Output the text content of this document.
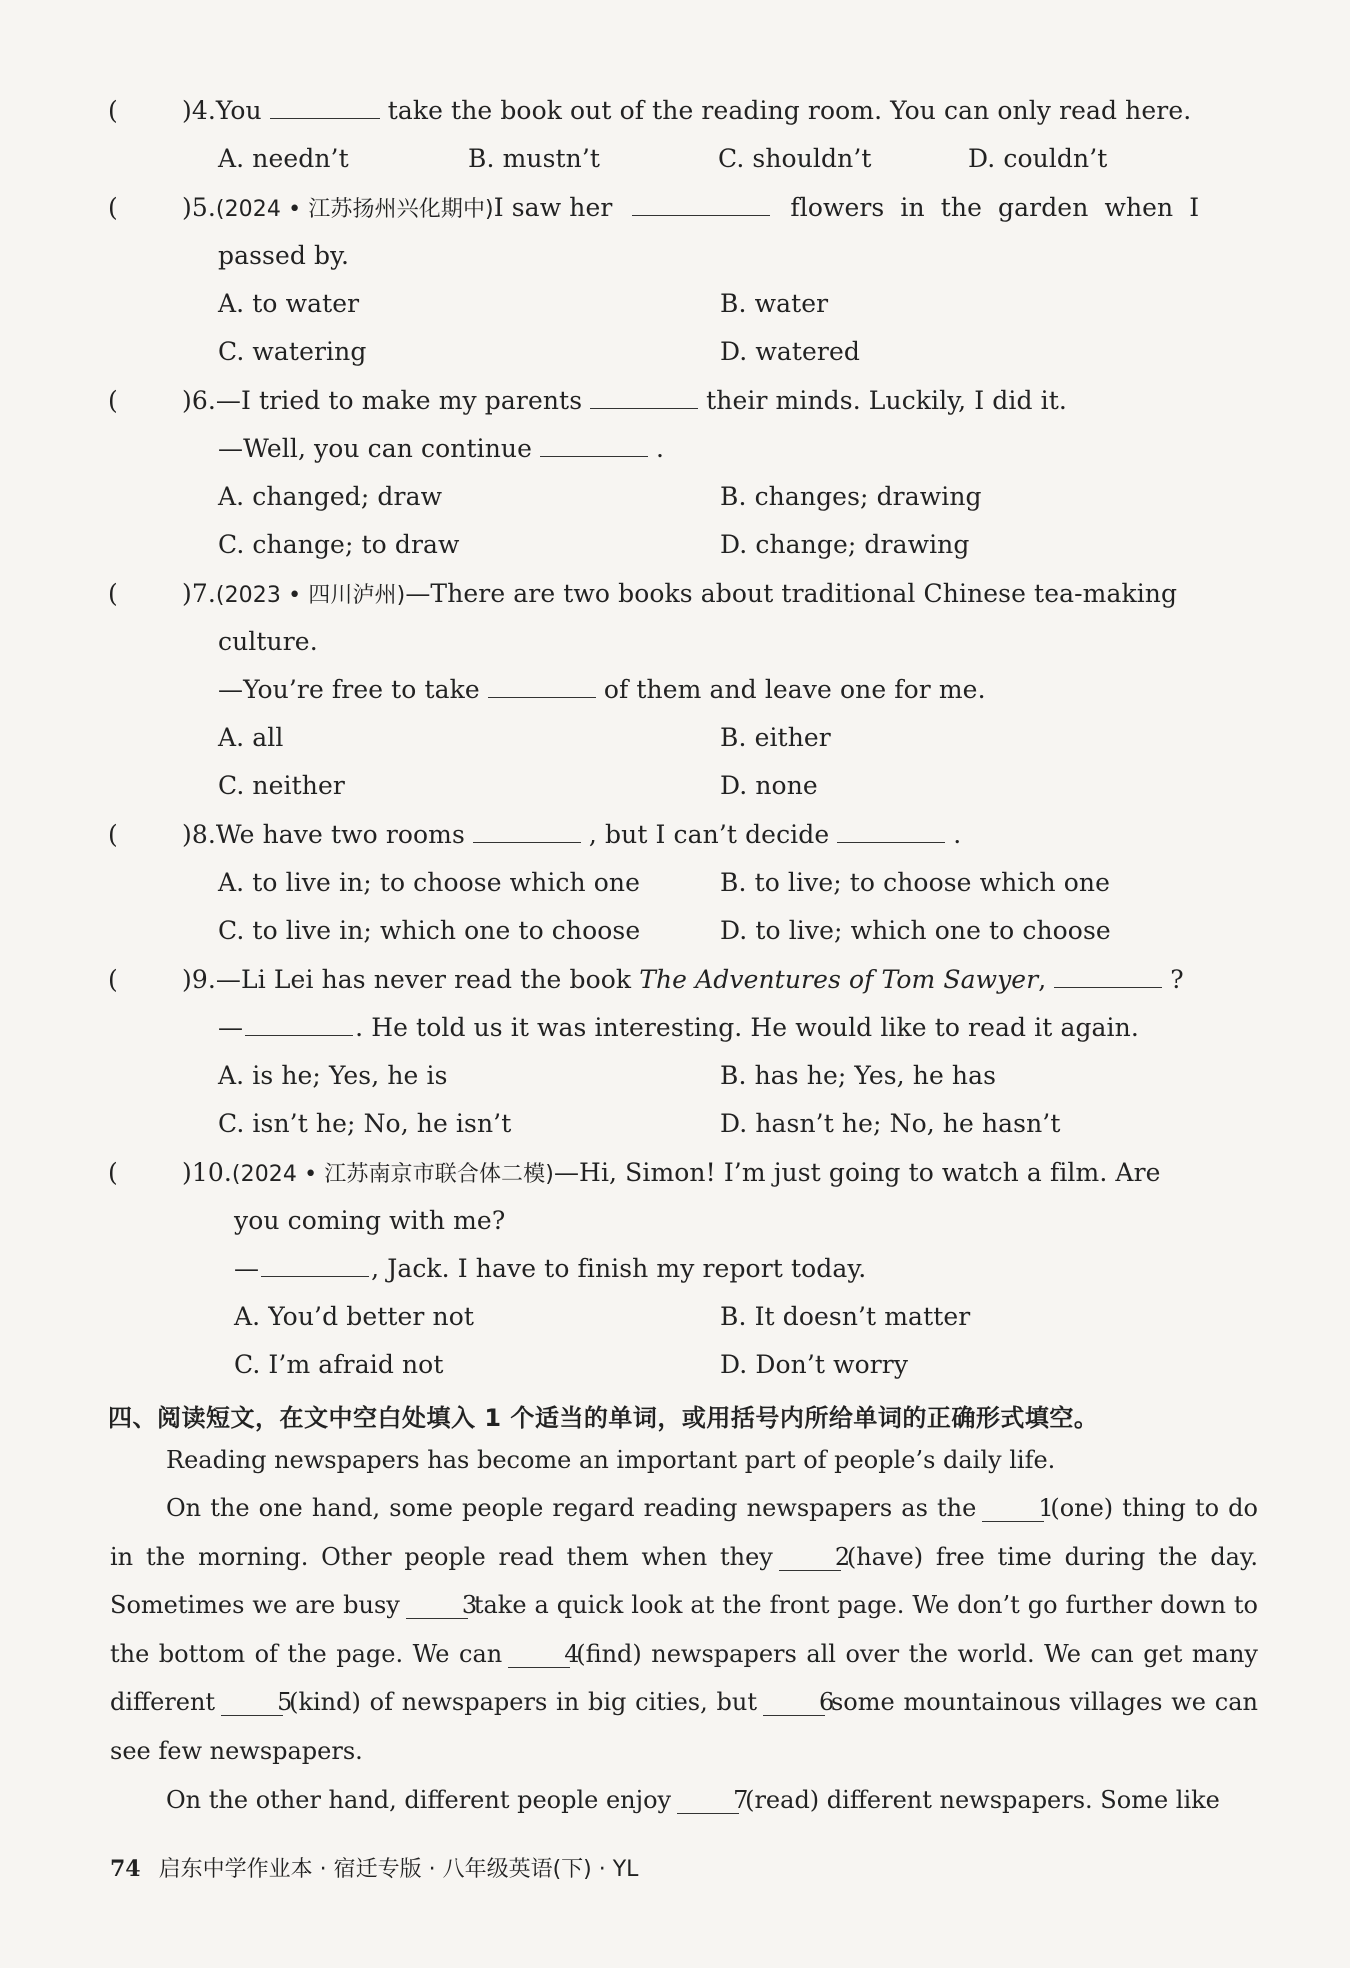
(	)4.You	take the book out of the reading room. You can only read here.
A. needn’t	B. mustn’t	C. shouldn’t	D. couldn’t
(	)5.(2024 • 江苏扬州兴化期中)I saw her	flowers in the garden when I
passed by.
A. to water	B. water
C. watering	D. watered
(	)6.—I tried to make my parents	their minds. Luckily, I did it.
—Well, you can continue	.
A. changed; draw	B. changes; drawing
C. change; to draw	D. change; drawing
(	)7.(2023 • 四川泸州)—There are two books about traditional Chinese tea-making
culture.
—You’re free to take	of them and leave one for me.
A. all	B. either
C. neither	D. none
(	)8.We have two rooms	, but I can’t decide	.
A. to live in; to choose which one	B. to live; to choose which one
C. to live in; which one to choose	D. to live; which one to choose
(	)9.—Li Lei has never read the book The Adventures of Tom Sawyer,	?
—	. He told us it was interesting. He would like to read it again.
A. is he; Yes, he is	B. has he; Yes, he has
C. isn’t he; No, he isn’t	D. hasn’t he; No, he hasn’t
(	)10.(2024 • 江苏南京市联合体二模)—Hi, Simon! I’m just going to watch a film. Are
you coming with me?
—	, Jack. I have to finish my report today.
A. You’d better not	B. It doesn’t matter
C. I’m afraid not	D. Don’t worry
四、阅读短文，在文中空白处填入 1 个适当的单词，或用括号内所给单词的正确形式填空。
Reading newspapers has become an important part of people’s daily life.
On the one hand, some people regard reading newspapers as the	1(one) thing to do in the morning. Other people read them when they	2(have) free time during the day. Sometimes we are busy	3take a quick look at the front page. We don’t go further down to the bottom of the page. We can	4(find) newspapers all over the world. We can get many different	5(kind) of newspapers in big cities, but	6some mountainous villages we can see few newspapers.
On the other hand, different people enjoy	7(read) different newspapers. Some like
74 启东中学作业本 · 宿迁专版 · 八年级英语(下) · YL
